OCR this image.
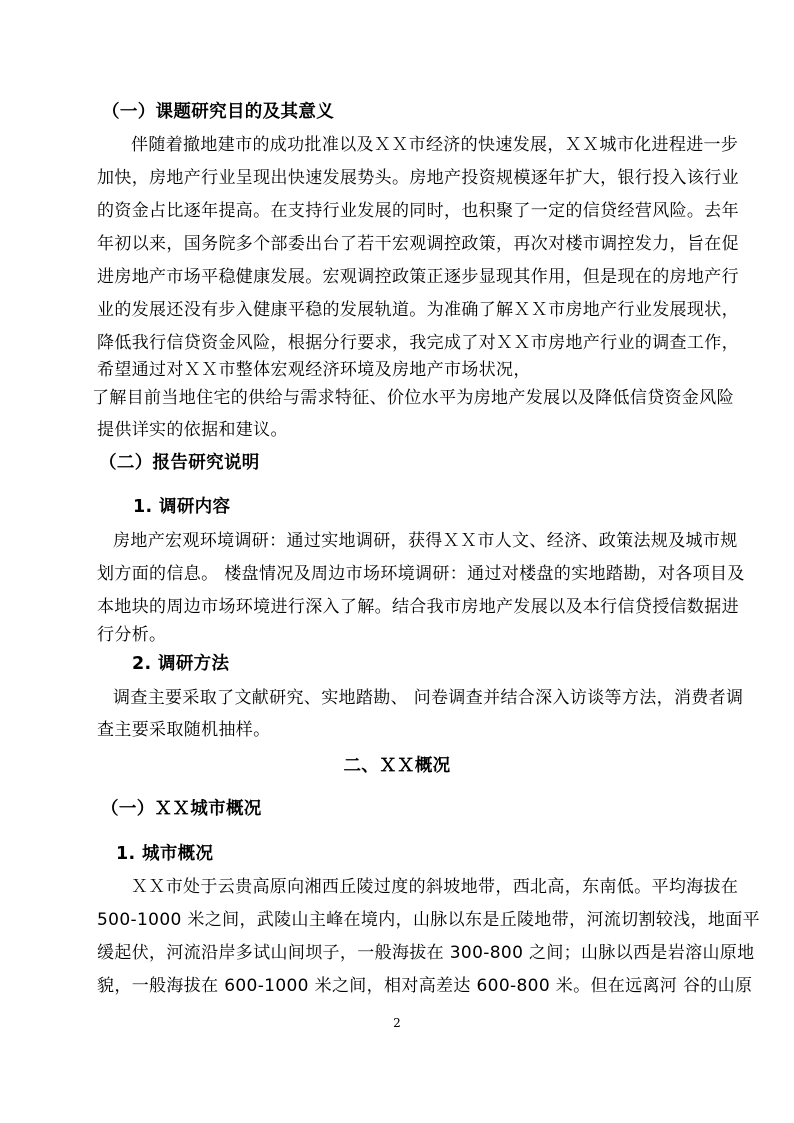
（一）课题研究目的及其意义
伴随着撤地建市的成功批准以及ＸＸ市经济的快速发展，ＸＸ城市化进程进一步
加快，房地产行业呈现出快速发展势头。房地产投资规模逐年扩大，银行投入该行业
的资金占比逐年提高。在支持行业发展的同时，也积聚了一定的信贷经营风险。去年
年初以来，国务院多个部委出台了若干宏观调控政策，再次对楼市调控发力，旨在促
进房地产市场平稳健康发展。宏观调控政策正逐步显现其作用，但是现在的房地产行
业的发展还没有步入健康平稳的发展轨道。为准确了解ＸＸ市房地产行业发展现状，
降低我行信贷资金风险，根据分行要求，我完成了对ＸＸ市房地产行业的调查工作，
希望通过对ＸＸ市整体宏观经济环境及房地产市场状况，
了解目前当地住宅的供给与需求特征、价位水平为房地产发展以及降低信贷资金风险
提供详实的依据和建议。
（二）报告研究说明
1. 调研内容
房地产宏观环境调研：通过实地调研，获得ＸＸ市人文、经济、政策法规及城市规
划方面的信息。 楼盘情况及周边市场环境调研：通过对楼盘的实地踏勘，对各项目及
本地块的周边市场环境进行深入了解。结合我市房地产发展以及本行信贷授信数据进
行分析。
2. 调研方法
调查主要采取了文献研究、实地踏勘、 问卷调查并结合深入访谈等方法，消费者调
查主要采取随机抽样。
二、ＸＸ概况
（一）ＸＸ城市概况
1. 城市概况
ＸＸ市处于云贵高原向湘西丘陵过度的斜坡地带，西北高，东南低。平均海拔在
500-1000 米之间，武陵山主峰在境内，山脉以东是丘陵地带，河流切割较浅，地面平
缓起伏，河流沿岸多试山间坝子，一般海拔在 300-800 之间；山脉以西是岩溶山原地
貌，一般海拔在 600-1000 米之间，相对高差达 600-800 米。但在远离河 谷的山原
2
